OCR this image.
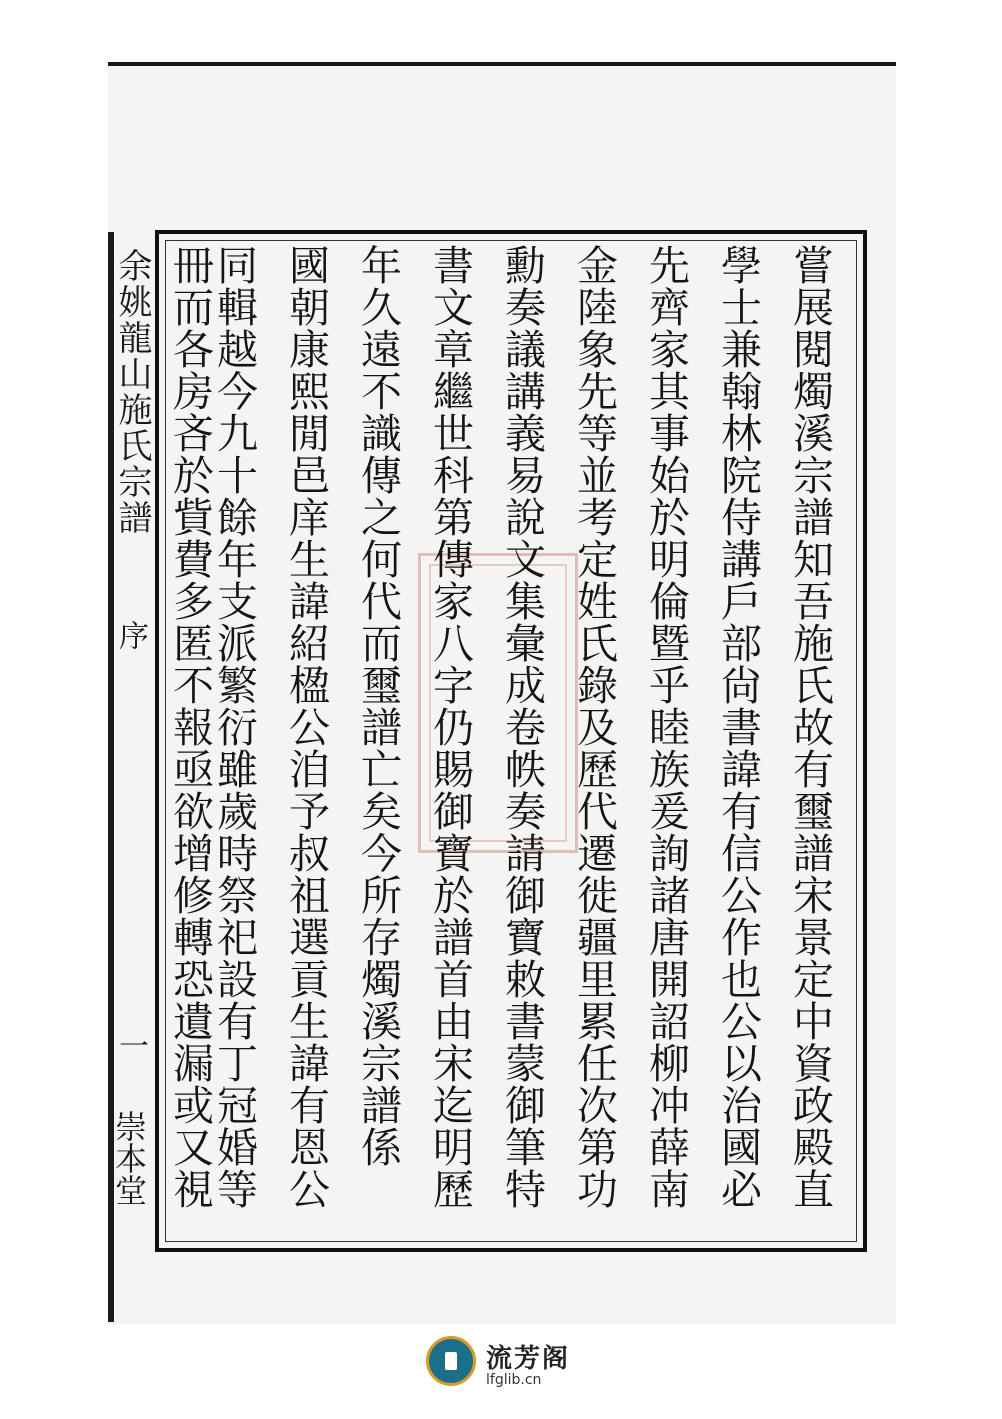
余姚龍山施氏宗譜
序
一
崇本堂	嘗展閱燭溪宗譜知吾施氏故有璽譜宋景定中資政殿直
學士兼翰林院侍講戶部尙書諱有信公作也公以治國必
先齊家其事始於明倫暨乎睦族爰詢諸唐開詔柳冲薛南
金陸象先等並考定姓氏錄及歷代遷徙疆里累任次第功
勳奏議講義易說文集彙成卷帙奏請御寶敕書蒙御筆特
書文章繼世科第傳家八字仍賜御寶於譜首由宋迄明歷
年久遠不識傳之何代而璽譜亡矣今所存燭溪宗譜係
國朝康熙閒邑庠生諱紹楹公洎予叔祖選貢生諱有恩公
同輯越今九十餘年支派繁衍雖歲時祭祀設有丁冠婚等
冊而各房吝於貲費多匿不報亟欲增修轉恐遺漏或又視
流芳阁
lfglib.cn
